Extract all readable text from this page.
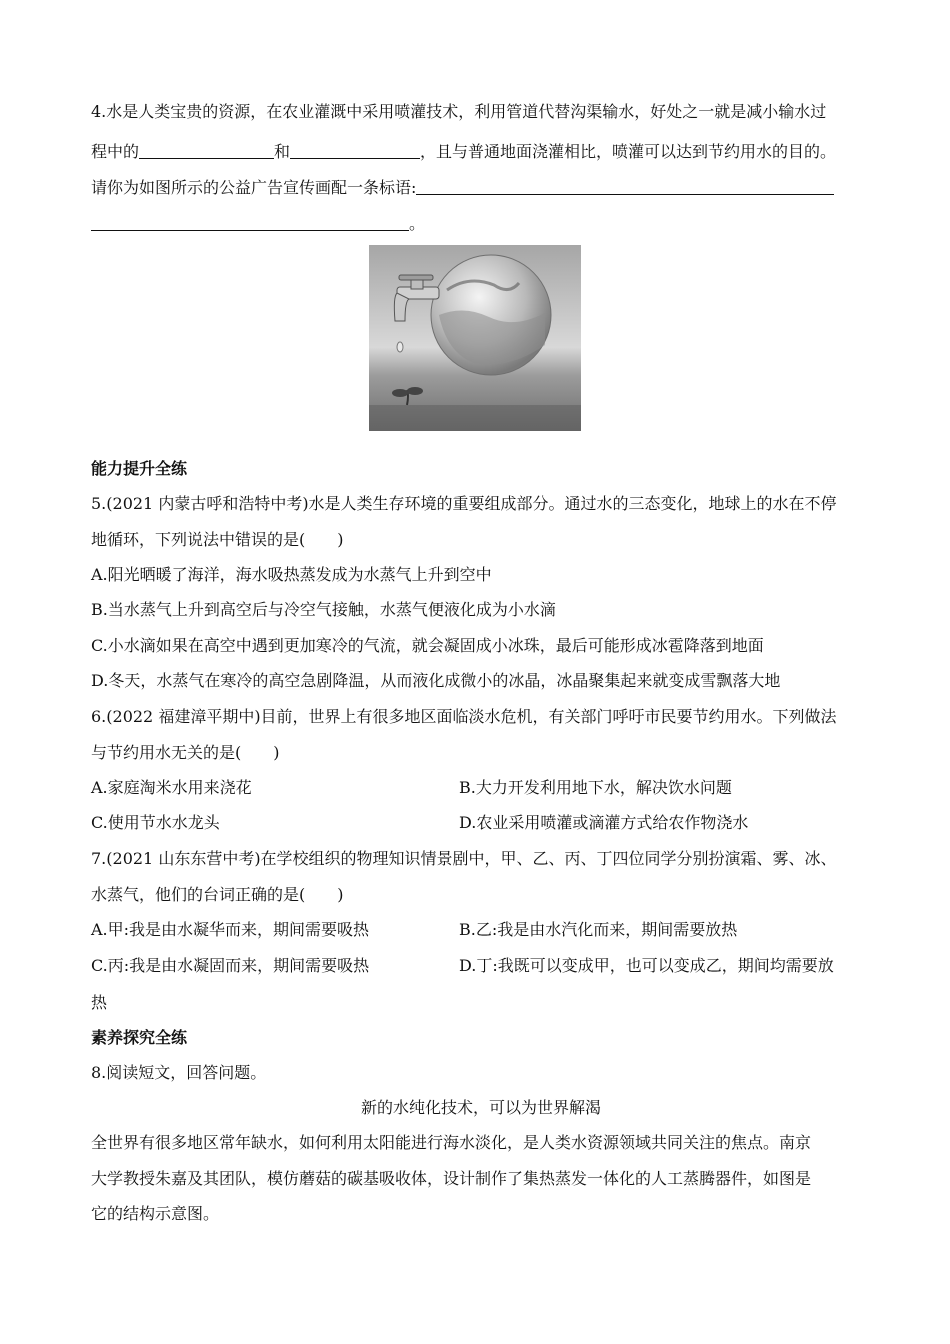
4.水是人类宝贵的资源，在农业灌溉中采用喷灌技术，利用管道代替沟渠输水，好处之一就是减小输水过
程中的	和	，且与普通地面浇灌相比，喷灌可以达到节约用水的目的。
请你为如图所示的公益广告宣传画配一条标语:
。
能力提升全练
5.(2021 内蒙古呼和浩特中考)水是人类生存环境的重要组成部分。通过水的三态变化，地球上的水在不停
地循环，下列说法中错误的是(　　)
A.阳光晒暖了海洋，海水吸热蒸发成为水蒸气上升到空中
B.当水蒸气上升到高空后与冷空气接触，水蒸气便液化成为小水滴
C.小水滴如果在高空中遇到更加寒冷的气流，就会凝固成小冰珠，最后可能形成冰雹降落到地面
D.冬天，水蒸气在寒冷的高空急剧降温，从而液化成微小的冰晶，冰晶聚集起来就变成雪飘落大地
6.(2022 福建漳平期中)目前，世界上有很多地区面临淡水危机，有关部门呼吁市民要节约用水。下列做法
与节约用水无关的是(　　)
A.家庭淘米水用来浇花	B.大力开发利用地下水，解决饮水问题
C.使用节水水龙头	D.农业采用喷灌或滴灌方式给农作物浇水
7.(2021 山东东营中考)在学校组织的物理知识情景剧中，甲、乙、丙、丁四位同学分别扮演霜、雾、冰、
水蒸气，他们的台词正确的是(　　)
A.甲:我是由水凝华而来，期间需要吸热	B.乙:我是由水汽化而来，期间需要放热
C.丙:我是由水凝固而来，期间需要吸热	D.丁:我既可以变成甲，也可以变成乙，期间均需要放
热
素养探究全练
8.阅读短文，回答问题。
新的水纯化技术，可以为世界解渴
全世界有很多地区常年缺水，如何利用太阳能进行海水淡化，是人类水资源领域共同关注的焦点。南京
大学教授朱嘉及其团队，模仿蘑菇的碳基吸收体，设计制作了集热蒸发一体化的人工蒸腾器件，如图是
它的结构示意图。
